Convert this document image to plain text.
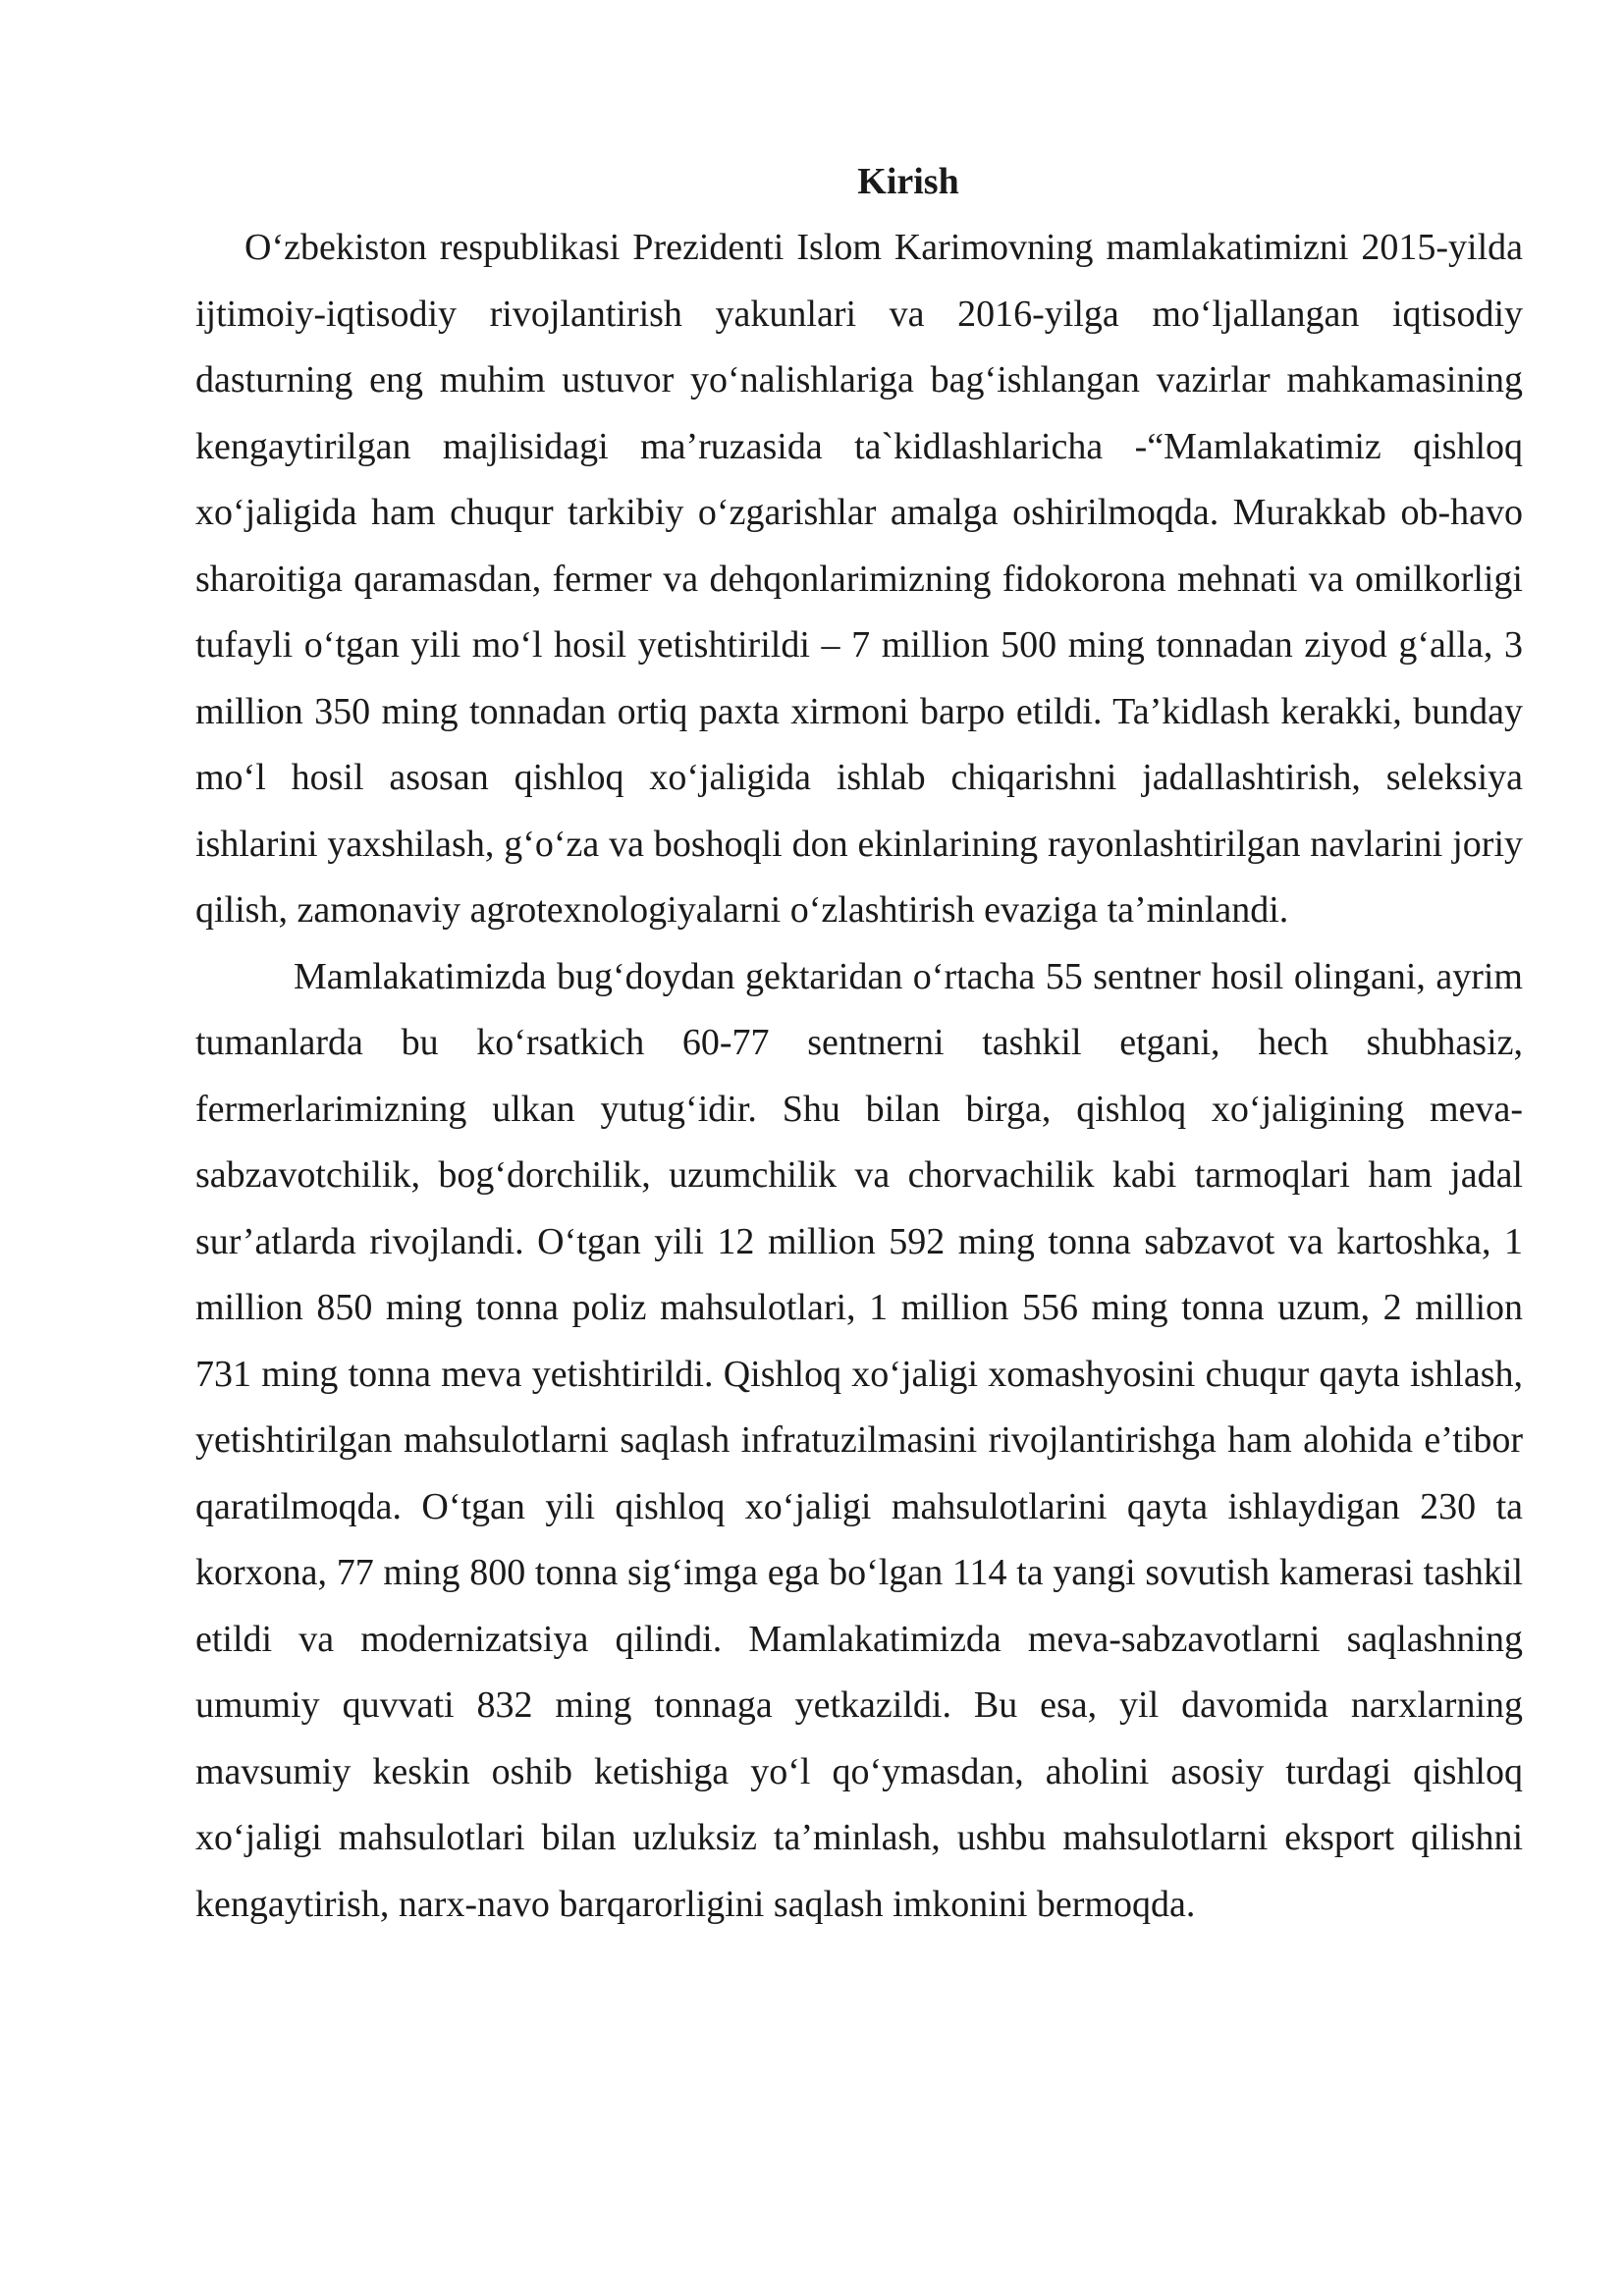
Kirish

O‘zbekiston respublikasi Prezidenti Islom Karimovning mamlakatimizni 2015-yilda ijtimoiy-iqtisodiy rivojlantirish yakunlari va 2016-yilga mo‘ljallangan iqtisodiy dasturning eng muhim ustuvor yo‘nalishlariga bag‘ishlangan vazirlar mahkamasining kengaytirilgan majlisidagi ma’ruzasida ta`kidlashlaricha -“Mamlakatimiz qishloq xo‘jaligida ham chuqur tarkibiy o‘zgarishlar amalga oshirilmoqda. Murakkab ob-havo sharoitiga qaramasdan, fermer va dehqonlarimizning fidokorona mehnati va omilkorligi tufayli o‘tgan yili mo‘l hosil yetishtirildi – 7 million 500 ming tonnadan ziyod g‘alla, 3 million 350 ming tonnadan ortiq paxta xirmoni barpo etildi. Ta’kidlash kerakki, bunday mo‘l hosil asosan qishloq xo‘jaligida ishlab chiqarishni jadallashtirish, seleksiya ishlarini yaxshilash, g‘o‘za va boshoqli don ekinlarining rayonlashtirilgan navlarini joriy qilish, zamonaviy agrotexnologiyalarni o‘zlashtirish evaziga ta’minlandi.

Mamlakatimizda bug‘doydan gektaridan o‘rtacha 55 sentner hosil olingani, ayrim tumanlarda bu ko‘rsatkich 60-77 sentnerni tashkil etgani, hech shubhasiz, fermerlarimizning ulkan yutug‘idir. Shu bilan birga, qishloq xo‘jaligining meva-sabzavotchilik, bog‘dorchilik, uzumchilik va chorvachilik kabi tarmoqlari ham jadal sur’atlarda rivojlandi. O‘tgan yili 12 million 592 ming tonna sabzavot va kartoshka, 1 million 850 ming tonna poliz mahsulotlari, 1 million 556 ming tonna uzum, 2 million 731 ming tonna meva yetishtirildi. Qishloq xo‘jaligi xomashyosini chuqur qayta ishlash, yetishtirilgan mahsulotlarni saqlash infratuzilmasini rivojlantirishga ham alohida e’tibor qaratilmoqda. O‘tgan yili qishloq xo‘jaligi mahsulotlarini qayta ishlaydigan 230 ta korxona, 77 ming 800 tonna sig‘imga ega bo‘lgan 114 ta yangi sovutish kamerasi tashkil etildi va modernizatsiya qilindi. Mamlakatimizda meva-sabzavotlarni saqlashning umumiy quvvati 832 ming tonnaga yetkazildi. Bu esa, yil davomida narxlarning mavsumiy keskin oshib ketishiga yo‘l qo‘ymasdan, aholini asosiy turdagi qishloq xo‘jaligi mahsulotlari bilan uzluksiz ta’minlash, ushbu mahsulotlarni eksport qilishni kengaytirish, narx-navo barqarorligini saqlash imkonini bermoqda.
